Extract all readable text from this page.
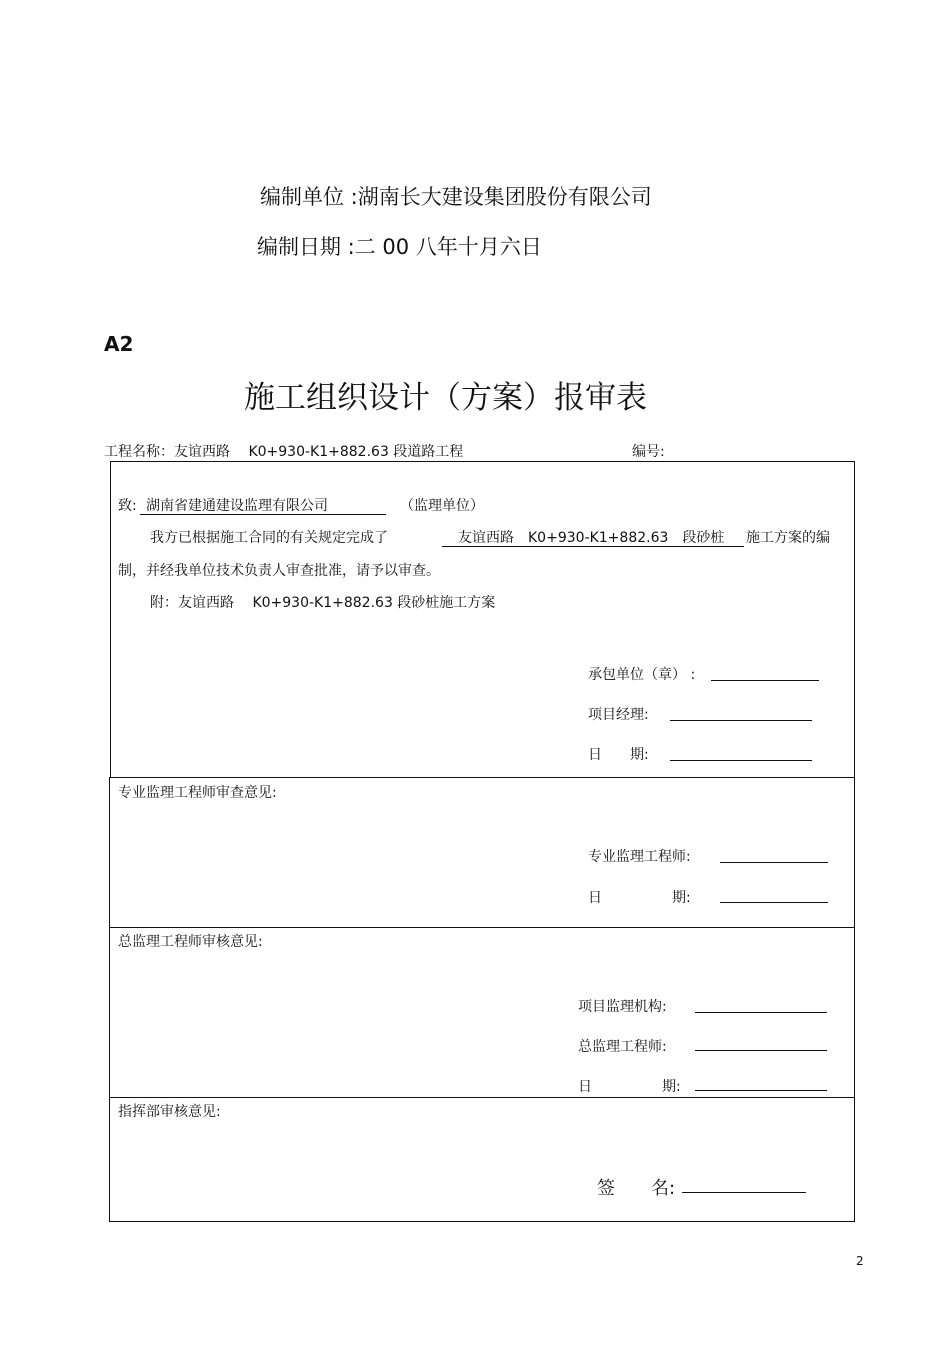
编制单位 :湖南长大建设集团股份有限公司
编制日期 :二 00 八年十月六日
A2
施工组织设计（方案）报审表
工程名称：友谊西路　 K0+930-K1+882.63 段道路工程	编号:
致: 湖南省建通建设监理有限公司	（监理单位）
我方已根据施工合同的有关规定完成了	友谊西路　K0+930-K1+882.63　段砂桩 施工方案的编
制，并经我单位技术负责人审查批准，请予以审查。
附：友谊西路　 K0+930-K1+882.63 段砂桩施工方案
承包单位（章） :
项目经理:
日　　期:
专业监理工程师审查意见:
专业监理工程师:
日　　　　　期:
总监理工程师审核意见:
项目监理机构:
总监理工程师:
日　　　　　期:
指挥部审核意见:
签　　名:
2
